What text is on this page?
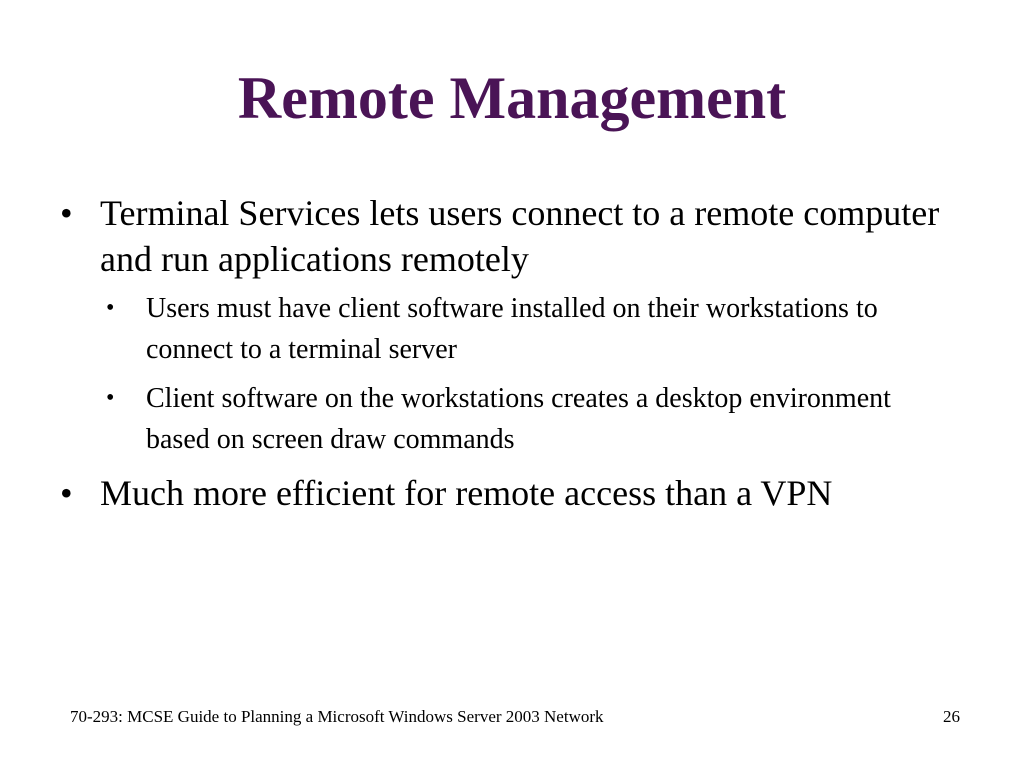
Remote Management
• Terminal Services lets users connect to a remote computer and run applications remotely
•	Users must have client software installed on their workstations to connect to a terminal server
•	Client software on the workstations creates a desktop environment based on screen draw commands
• Much more efficient for remote access than a VPN
70-293: MCSE Guide to Planning a Microsoft Windows Server 2003 Network	26
